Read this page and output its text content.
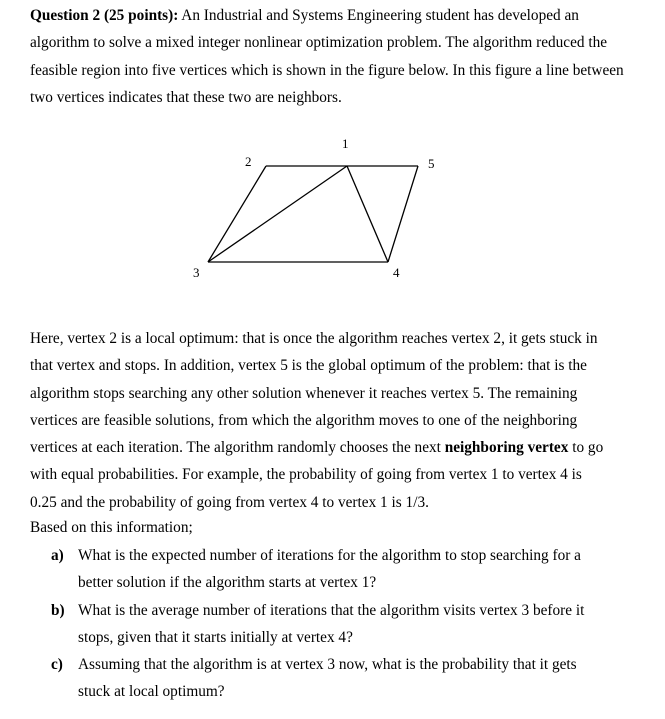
Question 2 (25 points): An Industrial and Systems Engineering student has developed an
algorithm to solve a mixed integer nonlinear optimization problem. The algorithm reduced the
feasible region into five vertices which is shown in the figure below. In this figure a line between
two vertices indicates that these two are neighbors.
1
2
3	4
5
Here, vertex 2 is a local optimum: that is once the algorithm reaches vertex 2, it gets stuck in
that vertex and stops. In addition, vertex 5 is the global optimum of the problem: that is the
algorithm stops searching any other solution whenever it reaches vertex 5. The remaining
vertices are feasible solutions, from which the algorithm moves to one of the neighboring
vertices at each iteration. The algorithm randomly chooses the next neighboring vertex to go
with equal probabilities. For example, the probability of going from vertex 1 to vertex 4 is
0.25 and the probability of going from vertex 4 to vertex 1 is 1/3.
Based on this information;
a) What is the expected number of iterations for the algorithm to stop searching for a
better solution if the algorithm starts at vertex 1?
b) What is the average number of iterations that the algorithm visits vertex 3 before it
stops, given that it starts initially at vertex 4?
c) Assuming that the algorithm is at vertex 3 now, what is the probability that it gets
stuck at local optimum?
